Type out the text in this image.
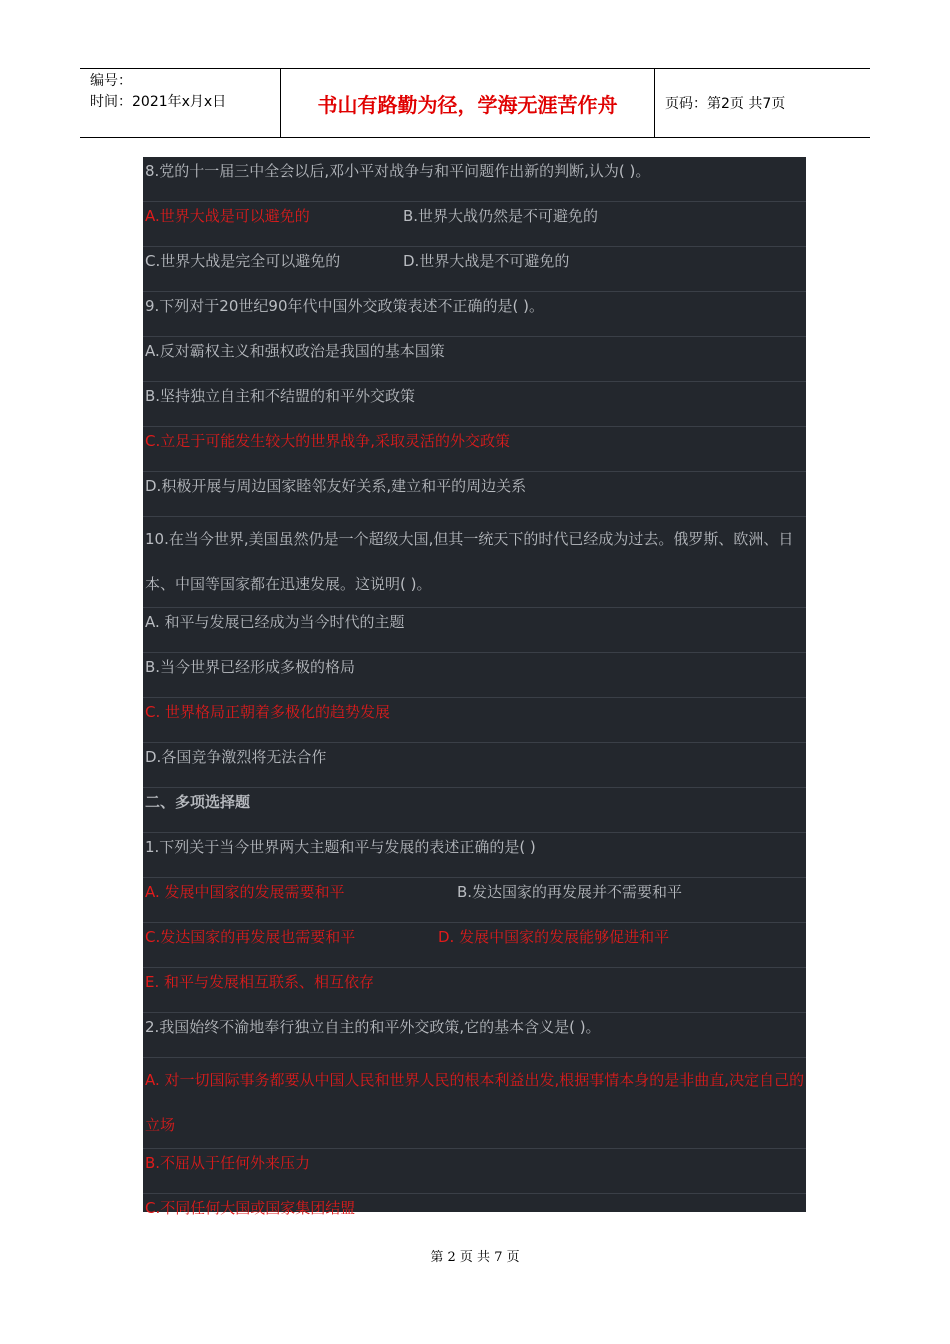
编号：
时间：2021年x月x日	书山有路勤为径，学海无涯苦作舟	页码：第2页 共7页
8.党的十一届三中全会以后,邓小平对战争与和平问题作出新的判断,认为( )。
A.世界大战是可以避免的	B.世界大战仍然是不可避免的
C.世界大战是完全可以避免的	D.世界大战是不可避免的
9.下列对于20世纪90年代中国外交政策表述不正确的是( )。
A.反对霸权主义和强权政治是我国的基本国策
B.坚持独立自主和不结盟的和平外交政策
C.立足于可能发生较大的世界战争,采取灵活的外交政策
D.积极开展与周边国家睦邻友好关系,建立和平的周边关系
10.在当今世界,美国虽然仍是一个超级大国,但其一统天下的时代已经成为过去。俄罗斯、欧洲、日本、中国等国家都在迅速发展。这说明( )。
A. 和平与发展已经成为当今时代的主题
B.当今世界已经形成多极的格局
C. 世界格局正朝着多极化的趋势发展
D.各国竞争激烈将无法合作
二、多项选择题
1.下列关于当今世界两大主题和平与发展的表述正确的是( )
A. 发展中国家的发展需要和平	B.发达国家的再发展并不需要和平
C.发达国家的再发展也需要和平	D. 发展中国家的发展能够促进和平
E. 和平与发展相互联系、相互依存
2.我国始终不渝地奉行独立自主的和平外交政策,它的基本含义是( )。
A. 对一切国际事务都要从中国人民和世界人民的根本利益出发,根据事情本身的是非曲直,决定自己的立场
B.不屈从于任何外来压力
C.不同任何大国或国家集团结盟
第 2 页 共 7 页
